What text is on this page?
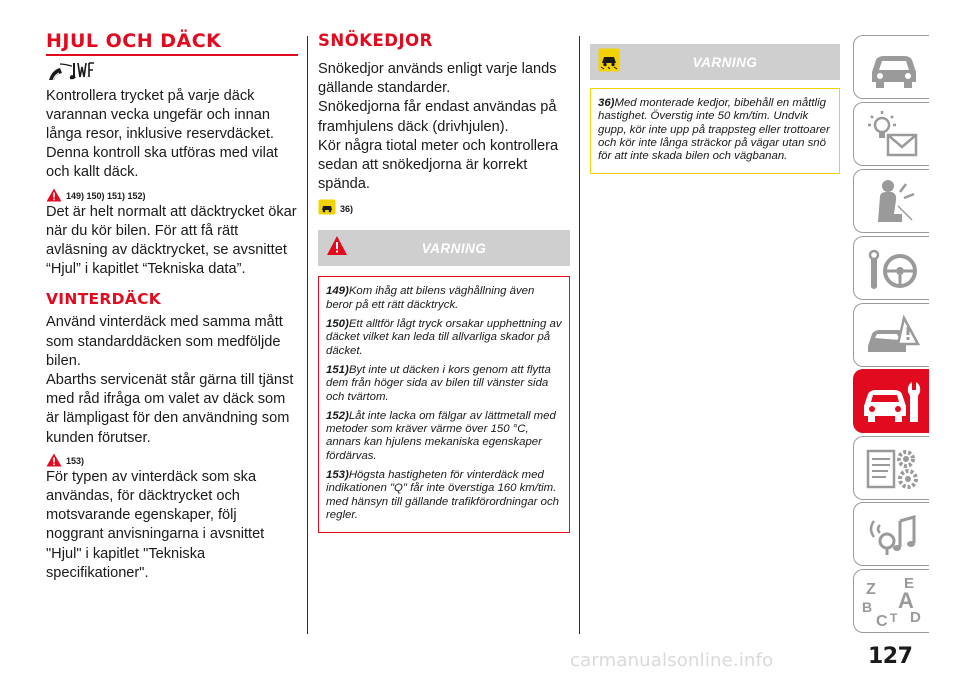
HJUL OCH DÄCK

Kontrollera trycket på varje däck varannan vecka ungefär och innan långa resor, inklusive reservdäcket. Denna kontroll ska utföras med vilat och kallt däck.

149) 150) 151) 152)

Det är helt normalt att däcktrycket ökar när du kör bilen. För att få rätt avläsning av däcktrycket, se avsnittet “Hjul” i kapitlet “Tekniska data”.

VINTERDÄCK

Använd vinterdäck med samma mått som standarddäcken som medföljde bilen.

Abarths servicenät står gärna till tjänst med råd ifråga om valet av däck som är lämpligast för den användning som kunden förutser.

153)

För typen av vinterdäck som ska användas, för däcktrycket och motsvarande egenskaper, följ noggrant anvisningarna i avsnittet "Hjul" i kapitlet "Tekniska specifikationer".

SNÖKEDJOR

Snökedjor används enligt varje lands gällande standarder.

Snökedjorna får endast användas på framhjulens däck (drivhjulen).

Kör några tiotal meter och kontrollera sedan att snökedjorna är korrekt spända.

36)
VARNING
149)Kom ihåg att bilens väghållning även beror på ett rätt däcktryck.
150)Ett alltför lågt tryck orsakar upphettning av däcket vilket kan leda till allvarliga skador på däcket.
151)Byt inte ut däcken i kors genom att flytta dem från höger sida av bilen till vänster sida och tvärtom.
152)Låt inte lacka om fälgar av lättmetall med metoder som kräver värme över 150 °C, annars kan hjulens mekaniska egenskaper fördärvas.
153)Högsta hastigheten för vinterdäck med indikationen "Q" får inte överstiga 160 km/tim. med hänsyn till gällande trafikförordningar och regler.
VARNING
36)Med monterade kedjor, bibehåll en måttlig hastighet. Överstig inte 50 km/tim. Undvik gupp, kör inte upp på trappsteg eller trottoarer och kör inte långa sträckor på vägar utan snö för att inte skada bilen och vägbanan.
Z E
B A
C T D
127
carmanualsonline.info
